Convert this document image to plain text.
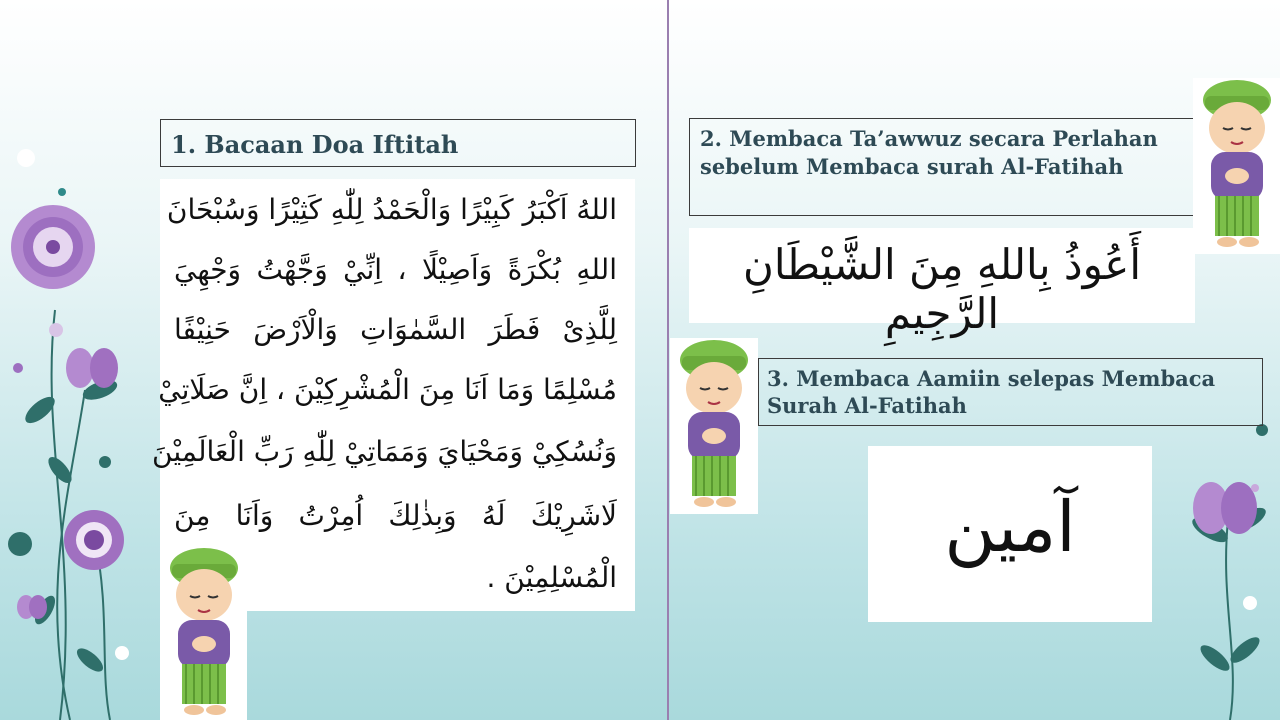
1. Bacaan Doa Iftitah
اللهُ اَكْبَرُ كَبِيْرًا وَالْحَمْدُ لِلّٰهِ كَثِيْرًا وَسُبْحَانَ
اللهِ بُكْرَةً وَاَصِيْلًا ، اِنِّيْ وَجَّهْتُ وَجْهِيَ
لِلَّذِىْ فَطَرَ السَّمٰوَاتِ وَالْاَرْضَ حَنِيْفًا
مُسْلِمًا وَمَا اَنَا مِنَ الْمُشْرِكِيْنَ ، اِنَّ صَلَاتِيْ
وَنُسُكِيْ وَمَحْيَايَ وَمَمَاتِيْ لِلّٰهِ رَبِّ الْعَالَمِيْنَ
لَاشَرِيْكَ لَهُ وَبِذٰلِكَ اُمِرْتُ وَاَنَا مِنَ
الْمُسْلِمِيْنَ .
2. Membaca Ta’awwuz secara Perlahan sebelum Membaca surah Al-Fatihah
أَعُوذُ بِاللهِ مِنَ الشَّيْطَانِ الرَّجِيمِ
3. Membaca Aamiin selepas Membaca Surah Al-Fatihah
آمين
